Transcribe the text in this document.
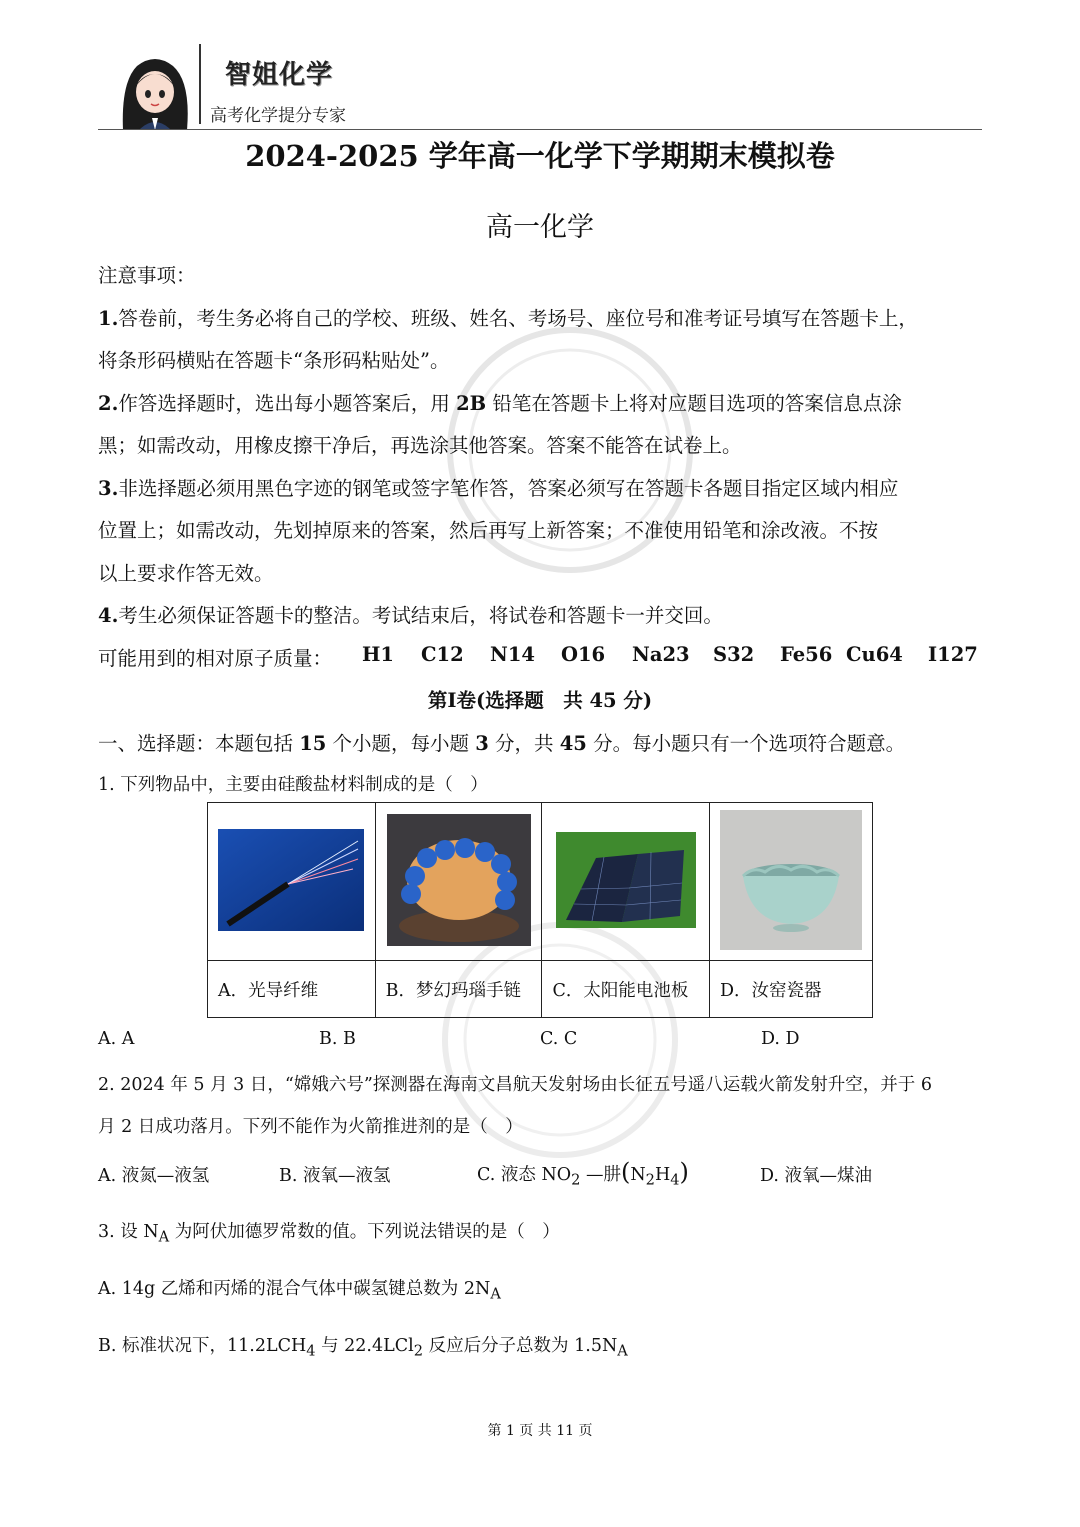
智姐化学
高考化学提分专家
2024-2025 学年高一化学下学期期末模拟卷
高一化学
注意事项：
1.答卷前，考生务必将自己的学校、班级、姓名、考场号、座位号和准考证号填写在答题卡上，
将条形码横贴在答题卡“条形码粘贴处”。
2.作答选择题时，选出每小题答案后，用 2B 铅笔在答题卡上将对应题目选项的答案信息点涂
黑；如需改动，用橡皮擦干净后，再选涂其他答案。答案不能答在试卷上。
3.非选择题必须用黑色字迹的钢笔或签字笔作答，答案必须写在答题卡各题目指定区域内相应
位置上；如需改动，先划掉原来的答案，然后再写上新答案；不准使用铅笔和涂改液。不按
以上要求作答无效。
4.考生必须保证答题卡的整洁。考试结束后，将试卷和答题卡一并交回。
可能用到的相对原子质量： H1 C12 N14 O16 Na23 S32 Fe56 Cu64 I127
第I卷(选择题　共 45 分)
一、选择题：本题包括 15 个小题，每小题 3 分，共 45 分。每小题只有一个选项符合题意。
1. 下列物品中，主要由硅酸盐材料制成的是（　）

A．光导纤维	B．梦幻玛瑙手链	C．太阳能电池板	D．汝窑瓷器
A. A	B. B	C. C	D. D
2. 2024 年 5 月 3 日，“嫦娥六号”探测器在海南文昌航天发射场由长征五号遥八运载火箭发射升空，并于 6
月 2 日成功落月。下列不能作为火箭推进剂的是（　）
A. 液氮—液氢	B. 液氧—液氢	C. 液态 $NO_2$ —肼$(N_2H_4)$	D. 液氧—煤油
3. 设 $N_A$ 为阿伏加德罗常数的值。下列说法错误的是（　）
A. 14g 乙烯和丙烯的混合气体中碳氢键总数为 $2N_A$
B. 标准状况下，$11.2LCH_4$ 与 22.4LCl$_2$ 反应后分子总数为 $1.5N_A$
第 1 页 共 11 页
